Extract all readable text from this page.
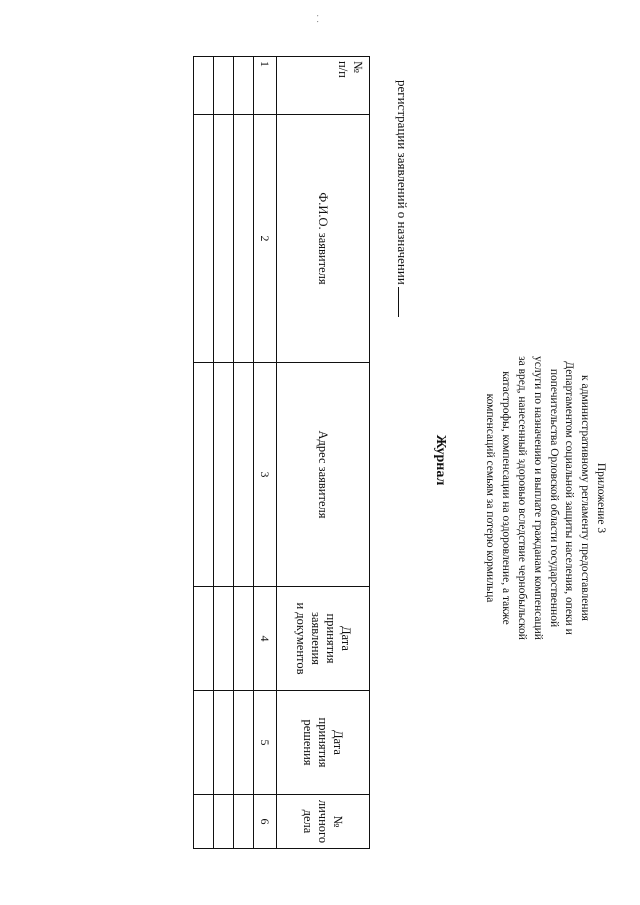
· ·
Приложение 3
к административному регламенту предоставления
Департаментом социальной защиты населения, опеки и
попечительства Орловской области государственной
услуги по назначению и выплате гражданам компенсаций
за вред, нанесенный здоровью вследствие чернобыльской
катастрофы, компенсации на оздоровление, а также
компенсаций семьям за потерю кормильца
Журнал
регистрации заявлений о назначении
№
п/п	Ф.И.О. заявителя	Адрес заявителя	Дата
принятия
заявления
и документов	Дата
принятия
решения	№
личного
дела
1	2	3	4	5	6
